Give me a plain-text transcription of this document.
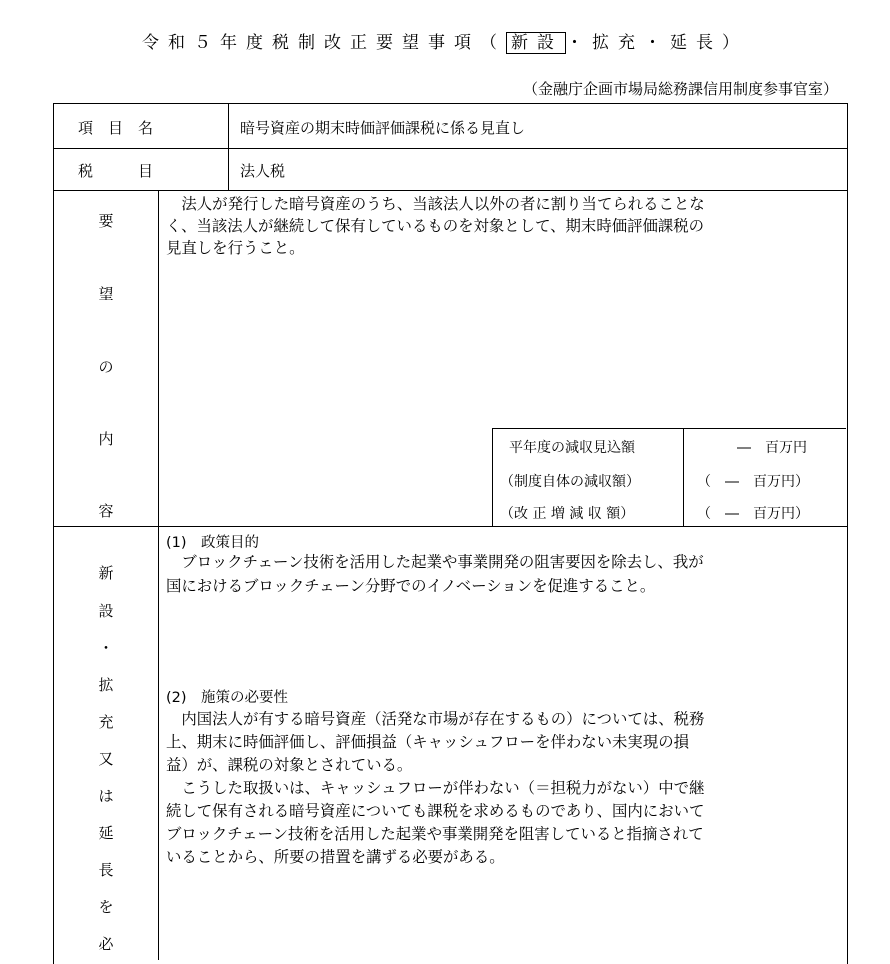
令和５年度税制改正要望事項（ 新設 ・拡充・延長）
（金融庁企画市場局総務課信用制度参事官室）
項　目　名	暗号資産の期末時価評価課税に係る見直し
税　　　目	法人税
要
望
の
内
容
　法人が発行した暗号資産のうち、当該法人以外の者に割り当てられることな
く、当該法人が継続して保有しているものを対象として、期末時価評価課税の
見直しを行うこと。
平年度の減収見込額	―　百万円
（制度自体の減収額）	（　―　百万円）
（改 正 増 減 収 額）	（　―　百万円）
新
設
・
拡
充
又
は
延
長
を
必
(1)　政策目的
　ブロックチェーン技術を活用した起業や事業開発の阻害要因を除去し、我が
国におけるブロックチェーン分野でのイノベーションを促進すること。
(2)　施策の必要性
　内国法人が有する暗号資産（活発な市場が存在するもの）については、税務
上、期末に時価評価し、評価損益（キャッシュフローを伴わない未実現の損
益）が、課税の対象とされている。
　こうした取扱いは、キャッシュフローが伴わない（＝担税力がない）中で継
続して保有される暗号資産についても課税を求めるものであり、国内において
ブロックチェーン技術を活用した起業や事業開発を阻害していると指摘されて
いることから、所要の措置を講ずる必要がある。
